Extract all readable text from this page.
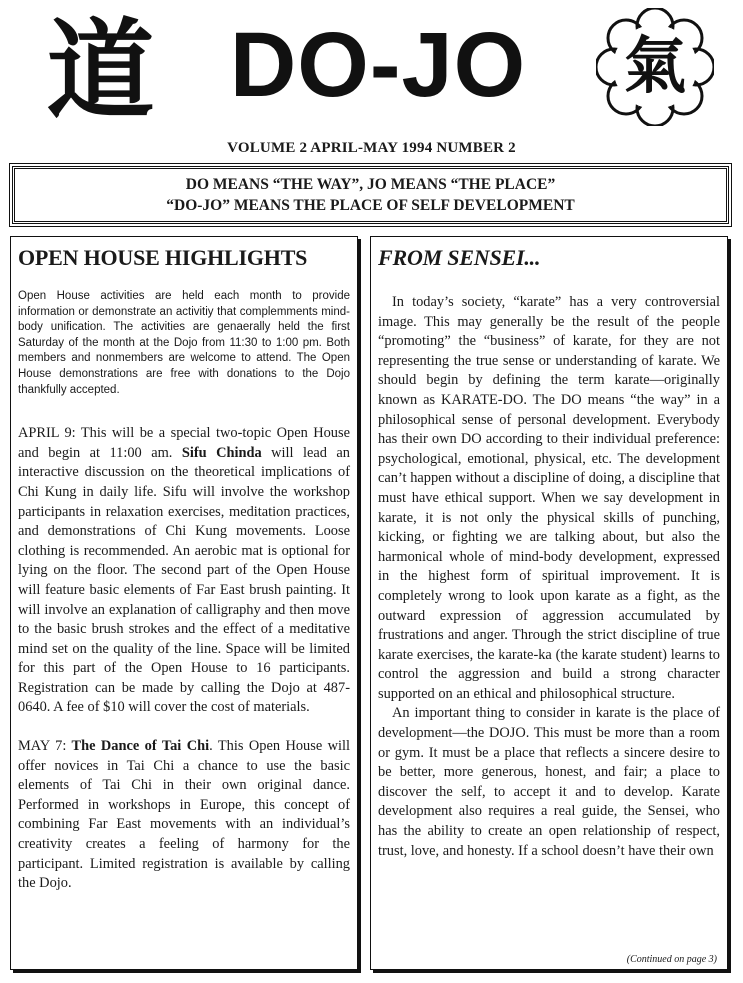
道 DO-JO	氣
VOLUME 2 APRIL-MAY 1994 NUMBER 2
DO MEANS “THE WAY”, JO MEANS “THE PLACE”
“DO-JO” MEANS THE PLACE OF SELF DEVELOPMENT
OPEN HOUSE HIGHLIGHTS

Open House activities are held each month to provide information or demonstrate an activitiy that complemments mind-body unification. The activities are genaerally held the first Saturday of the month at the Dojo from 11:30 to 1:00 pm. Both members and nonmembers are welcome to attend. The Open House demonstrations are free with donations to the Dojo thankfully accepted.

APRIL 9: This will be a special two-topic Open House and begin at 11:00 am. Sifu Chinda will lead an interactive discussion on the theoretical implications of Chi Kung in daily life. Sifu will involve the workshop participants in relaxation exercises, meditation practices, and demonstrations of Chi Kung movements. Loose clothing is recommended. An aerobic mat is optional for lying on the floor. The second part of the Open House will feature basic elements of Far East brush painting. It will involve an explanation of calligraphy and then move to the basic brush strokes and the effect of a meditative mind set on the quality of the line. Space will be limited for this part of the Open House to 16 participants. Registration can be made by calling the Dojo at 487-0640. A fee of $10 will cover the cost of materials.

MAY 7: The Dance of Tai Chi. This Open House will offer novices in Tai Chi a chance to use the basic elements of Tai Chi in their own original dance. Performed in workshops in Europe, this concept of combining Far East movements with an individual’s creativity creates a feeling of harmony for the participant. Limited registration is available by calling the Dojo.

FROM SENSEI...

In today’s society, “karate” has a very controversial image. This may generally be the result of the people “promoting” the “business” of karate, for they are not representing the true sense or understanding of karate. We should begin by defining the term karate—originally known as KARATE-DO. The DO means “the way” in a philosophical sense of personal development. Everybody has their own DO according to their individual preference: psychological, emotional, physical, etc. The development can’t happen without a discipline of doing, a discipline that must have ethical support. When we say development in karate, it is not only the physical skills of punching, kicking, or fighting we are talking about, but also the harmonical whole of mind-body development, expressed in the highest form of spiritual improvement. It is completely wrong to look upon karate as a fight, as the outward expression of aggression accumulated by frustrations and anger. Through the strict discipline of true karate exercises, the karate-ka (the karate student) learns to control the aggression and build a strong character supported on an ethical and philosophical structure.

An important thing to consider in karate is the place of development—the DOJO. This must be more than a room or gym. It must be a place that reflects a sincere desire to be better, more generous, honest, and fair; a place to discover the self, to accept it and to develop. Karate development also requires a real guide, the Sensei, who has the ability to create an open relationship of respect, trust, love, and honesty. If a school doesn’t have their own

(Continued on page 3)
